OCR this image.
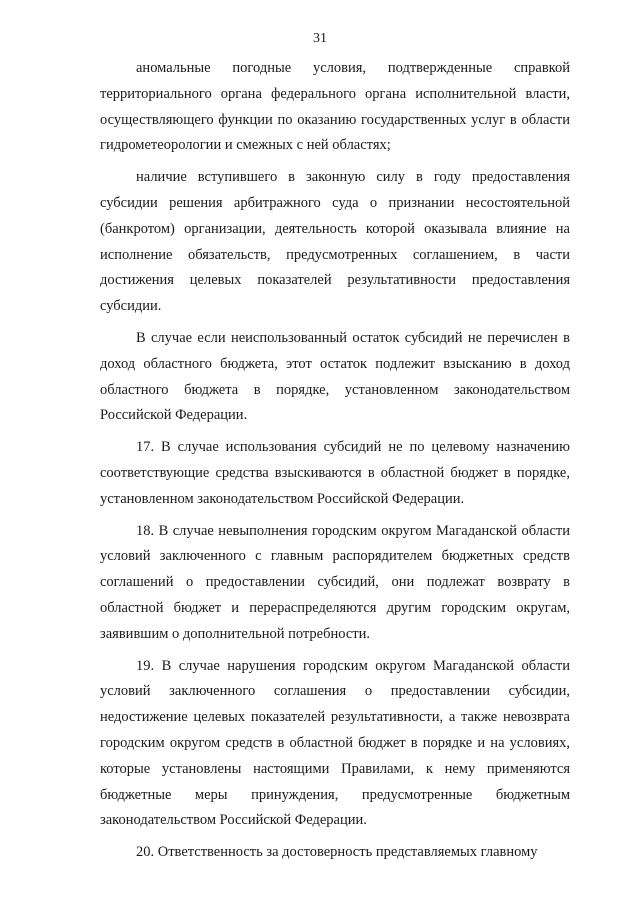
31

аномальные погодные условия, подтвержденные справкой территориального органа федерального органа исполнительной власти, осуществляющего функции по оказанию государственных услуг в области гидрометеорологии и смежных с ней областях;

наличие вступившего в законную силу в году предоставления субсидии решения арбитражного суда о признании несостоятельной (банкротом) организации, деятельность которой оказывала влияние на исполнение обязательств, предусмотренных соглашением, в части достижения целевых показателей результативности предоставления субсидии.

В случае если неиспользованный остаток субсидий не перечислен в доход областного бюджета, этот остаток подлежит взысканию в доход областного бюджета в порядке, установленном законодательством Российской Федерации.

17. В случае использования субсидий не по целевому назначению соответствующие средства взыскиваются в областной бюджет в порядке, установленном законодательством Российской Федерации.

18. В случае невыполнения городским округом Магаданской области условий заключенного с главным распорядителем бюджетных средств соглашений о предоставлении субсидий, они подлежат возврату в областной бюджет и перераспределяются другим городским округам, заявившим о дополнительной потребности.

19. В случае нарушения городским округом Магаданской области условий заключенного соглашения о предоставлении субсидии, недостижение целевых показателей результативности, а также невозврата городским округом средств в областной бюджет в порядке и на условиях, которые установлены настоящими Правилами, к нему применяются бюджетные меры принуждения, предусмотренные бюджетным законодательством Российской Федерации.

20. Ответственность за достоверность представляемых главному
